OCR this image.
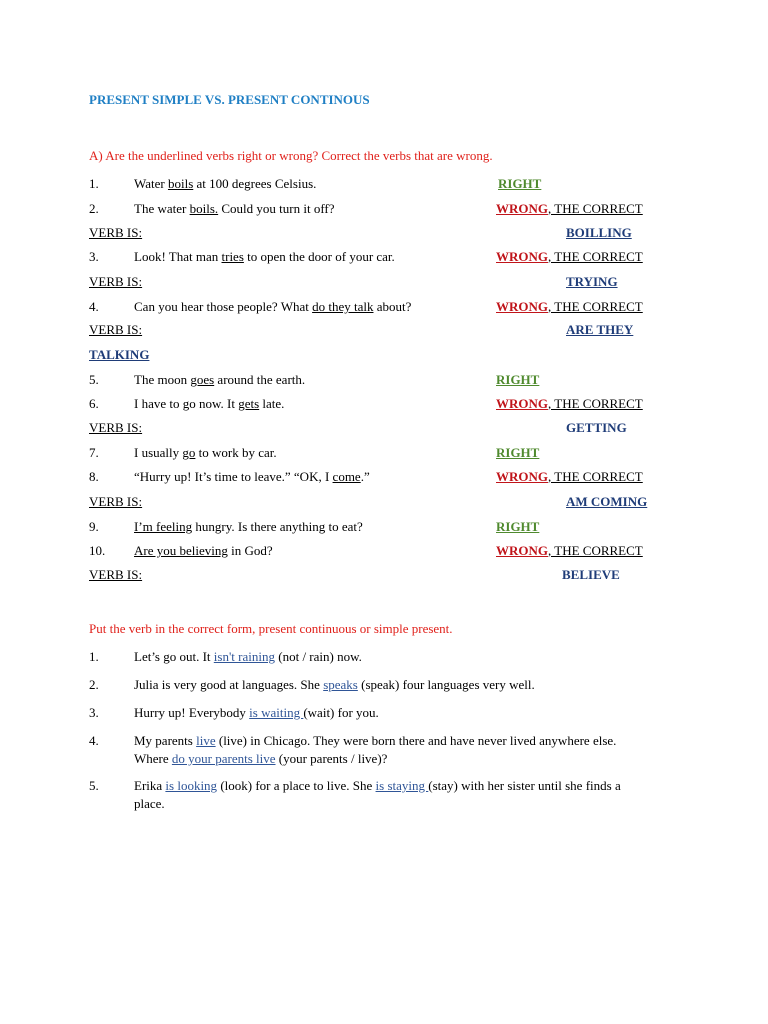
PRESENT SIMPLE VS. PRESENT CONTINOUS
A) Are the underlined verbs right or wrong? Correct the verbs that are wrong.
1.	Water boils at 100 degrees Celsius.	RIGHT
2.	The water boils. Could you turn it off?	WRONG, THE CORRECT
VERB IS:	BOILLING
3.	Look! That man tries to open the door of your car.	WRONG, THE CORRECT
VERB IS:	TRYING
4.	Can you hear those people? What do they talk about?	WRONG, THE CORRECT
VERB IS:	ARE THEY
TALKING
5.	The moon goes around the earth.	RIGHT
6.	I have to go now. It gets late.	WRONG, THE CORRECT
VERB IS:	GETTING
7.	I usually go to work by car.	RIGHT
8.	“Hurry up! It’s time to leave.” “OK, I come.”	WRONG, THE CORRECT
VERB IS:	AM COMING
9.	I’m feeling hungry. Is there anything to eat?	RIGHT
10. Are you believing in God?	WRONG, THE CORRECT
VERB IS:	BELIEVE
Put the verb in the correct form, present continuous or simple present.
1.	Let’s go out. It isn't raining (not / rain) now.
2.	Julia is very good at languages. She speaks (speak) four languages very well.
3.	Hurry up! Everybody is waiting (wait) for you.
4.	My parents live (live) in Chicago. They were born there and have never lived anywhere else.
Where do your parents live (your parents / live)?
5.	Erika is looking (look) for a place to live. She is staying (stay) with her sister until she finds a
place.
